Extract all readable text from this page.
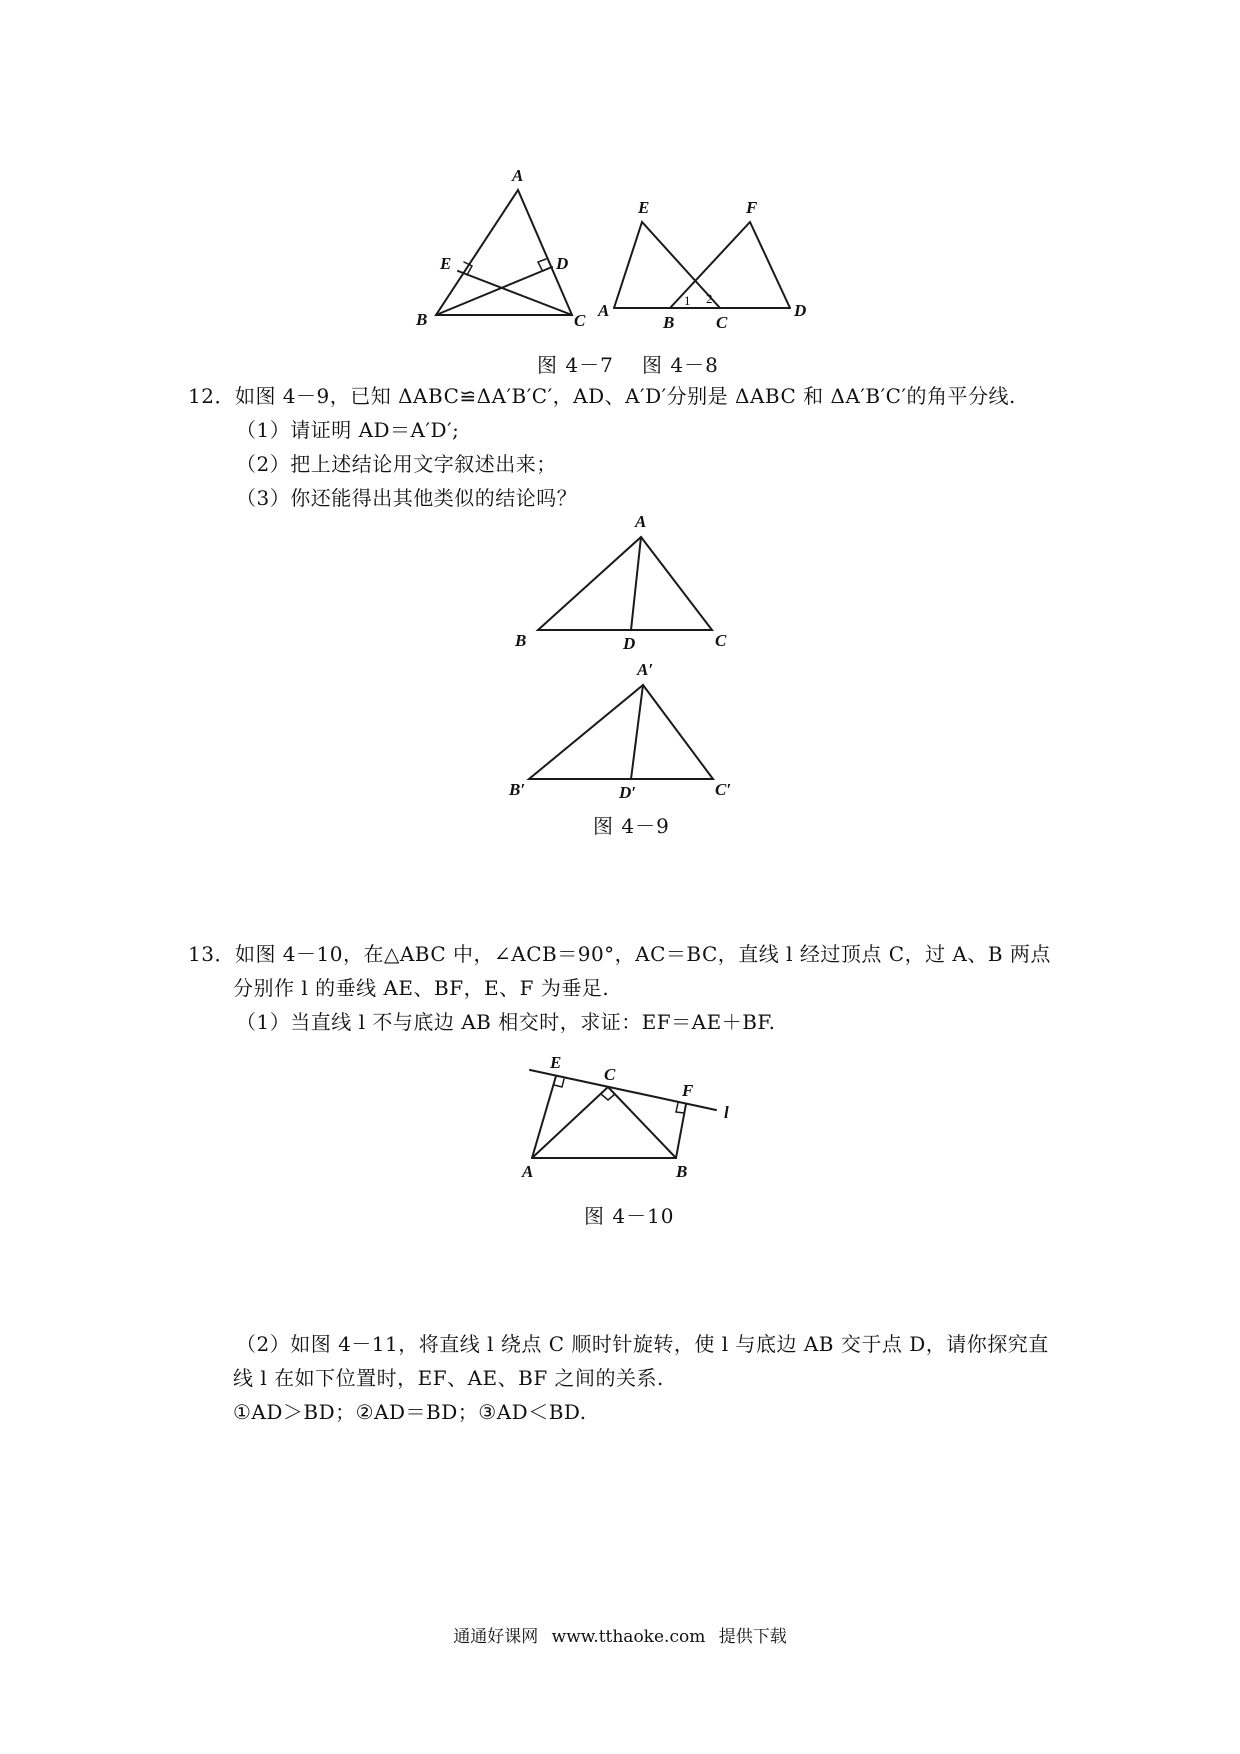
A
B	C
D
E
E	F
A
B C
D
1 2
图 4－7 图 4－8
12．如图 4－9，已知 ΔABC≌ΔA′B′C′，AD、A′D′分别是 ΔABC 和 ΔA′B′C′的角平分线.
（1）请证明 AD＝A′D′;
（2）把上述结论用文字叙述出来；
（3）你还能得出其他类似的结论吗？
A
B	C
D
A′
B′	C′
D′
图 4－9
13．如图 4－10，在△ABC 中，∠ACB＝90°，AC＝BC，直线 l 经过顶点 C，过 A、B 两点
分别作 l 的垂线 AE、BF，E、F 为垂足.
（1）当直线 l 不与底边 AB 相交时，求证：EF＝AE＋BF.
E
C
F
l
A	B
图 4－10
（2）如图 4－11，将直线 l 绕点 C 顺时针旋转，使 l 与底边 AB 交于点 D，请你探究直
线 l 在如下位置时，EF、AE、BF 之间的关系.
①AD＞BD；②AD＝BD；③AD＜BD.
通通好课网 www.tthaoke.com 提供下载
